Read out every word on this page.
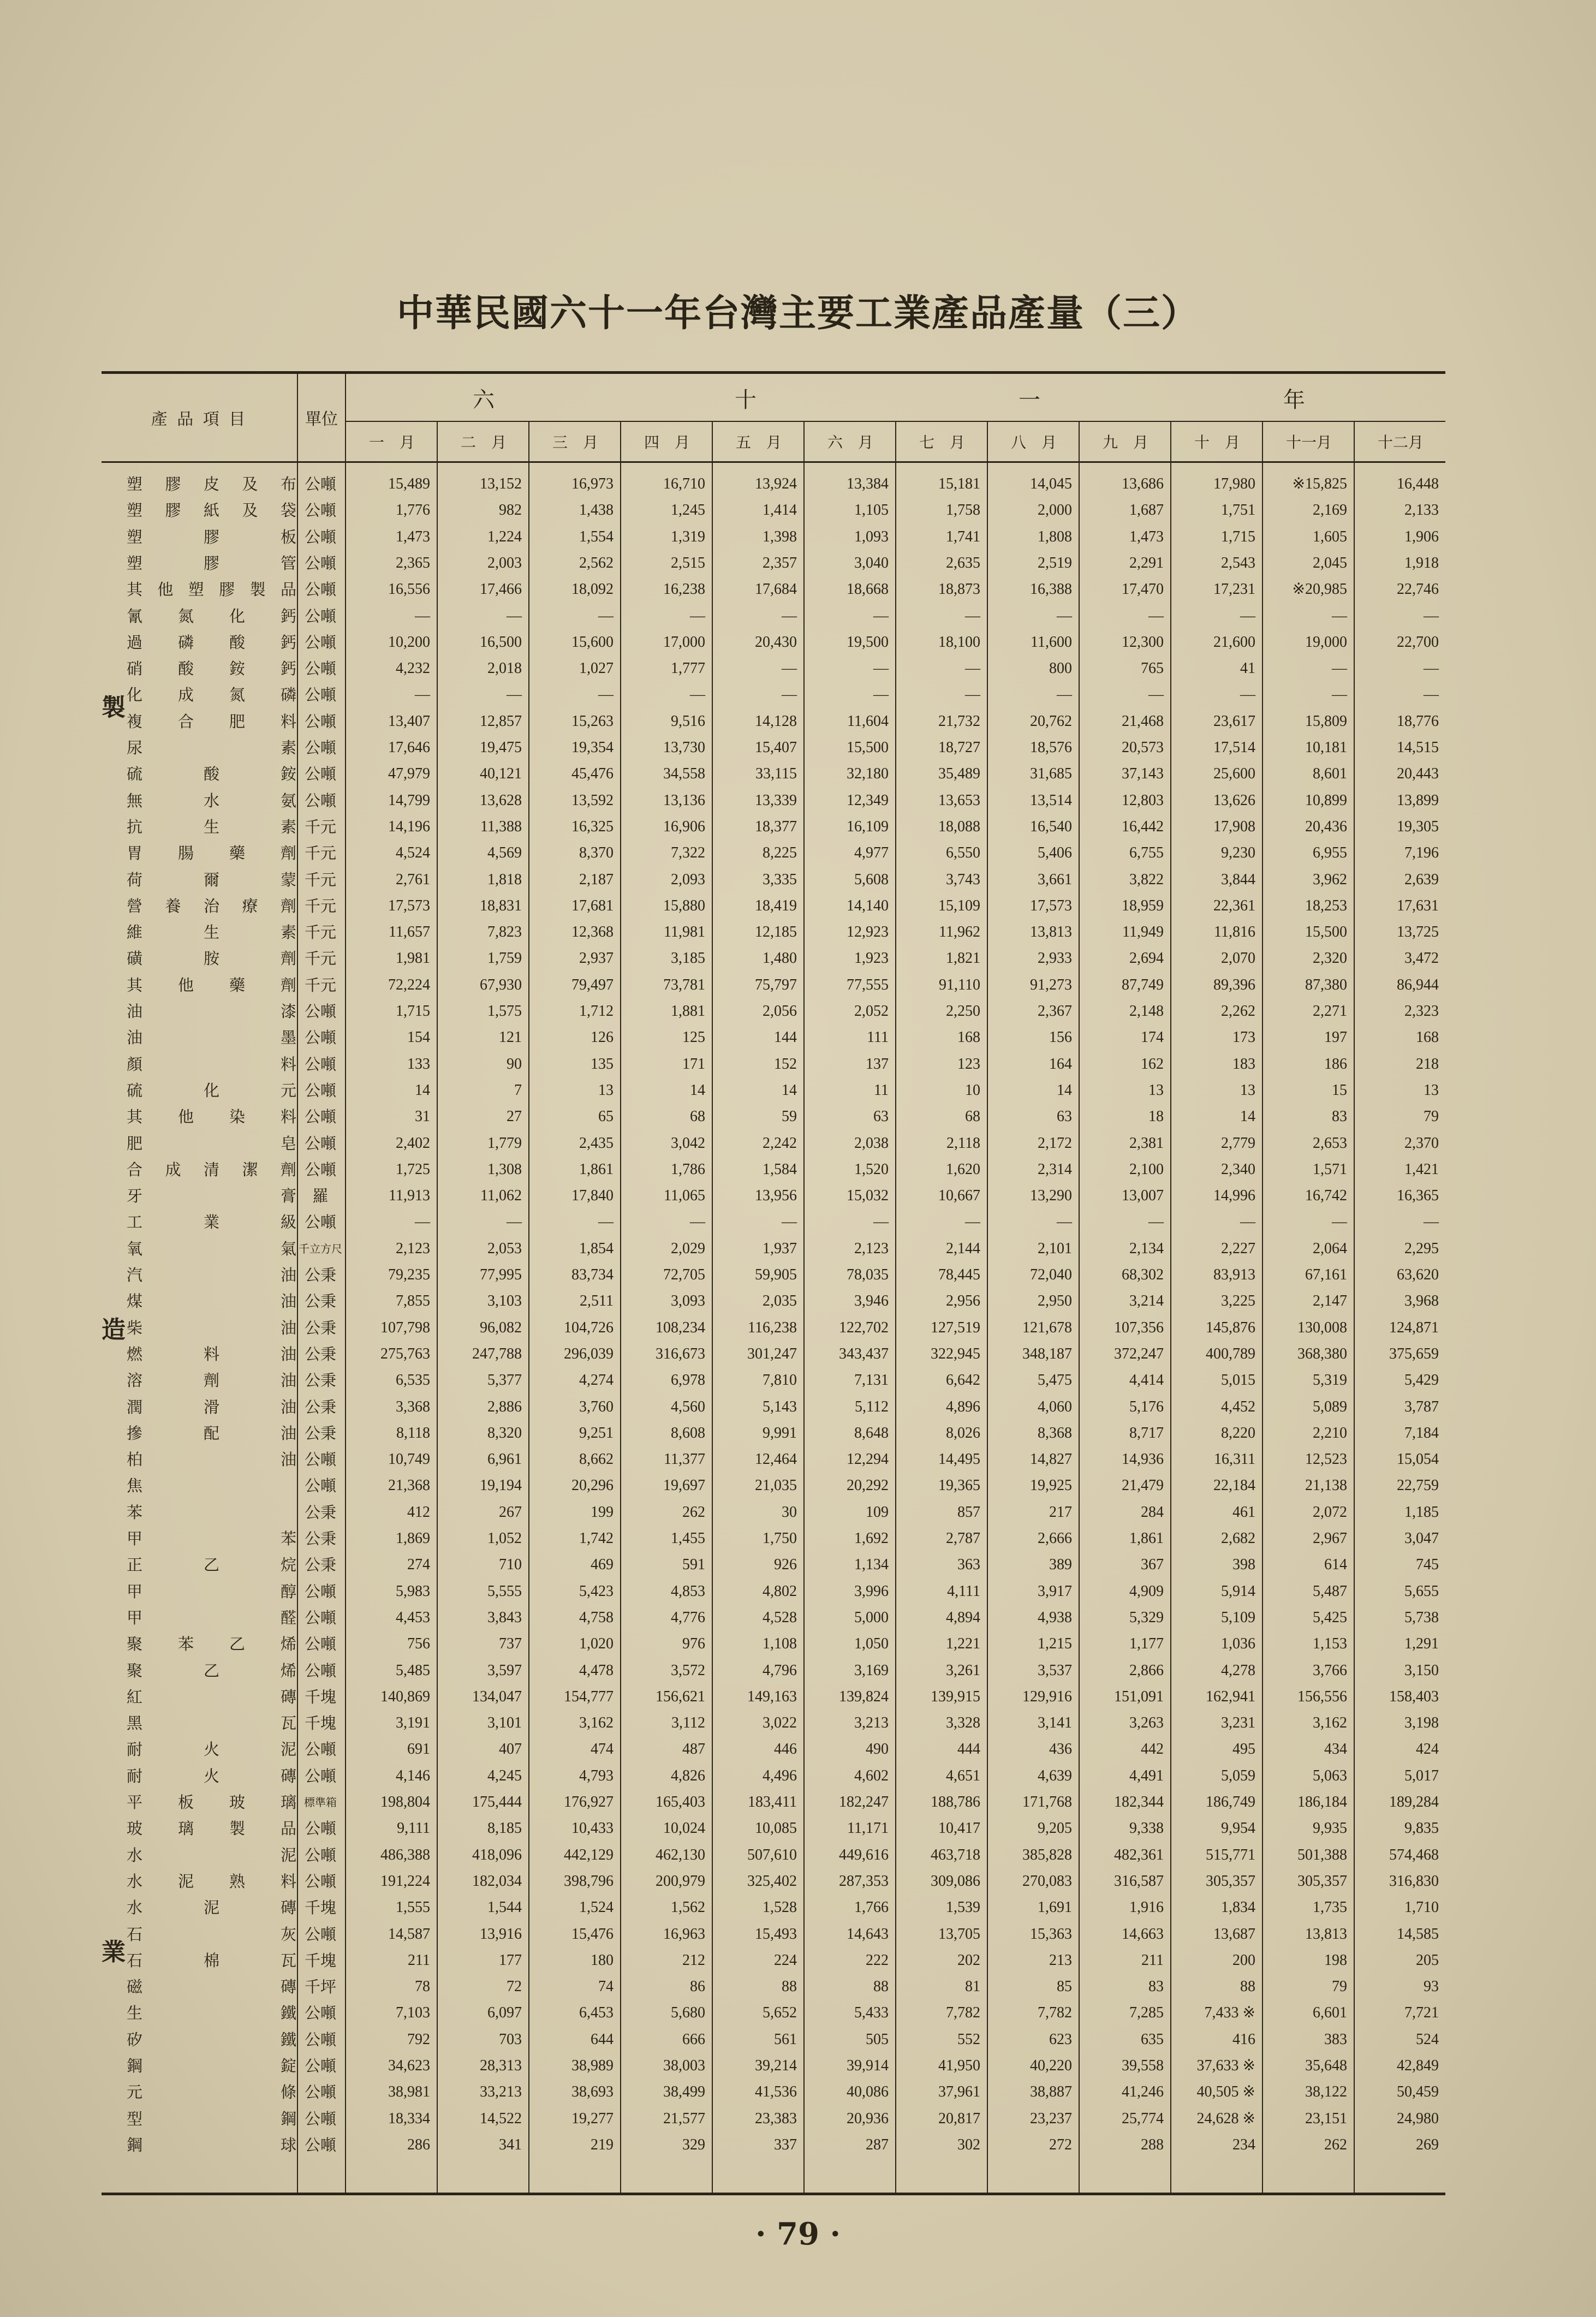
中華民國六十一年台灣主要工業產品產量（三）
六	十	一	年
產 品 項 目	單位
塑膠皮及布 公噸	15,489	13,152	16,973	16,710	13,924	13,384	15,181	14,045	13,686	17,980	※15,825	16,448
塑膠紙及袋 公噸	1,776	982	1,438	1,245	1,414	1,105	1,758	2,000	1,687	1,751	2,169	2,133
塑膠板 公噸	1,473	1,224	1,554	1,319	1,398	1,093	1,741	1,808	1,473	1,715	1,605	1,906
塑膠管 公噸	2,365	2,003	2,562	2,515	2,357	3,040	2,635	2,519	2,291	2,543	2,045	1,918
其他塑膠製品 公噸	16,556	17,466	18,092	16,238	17,684	18,668	18,873	16,388	17,470	17,231	※20,985	22,746
氰氮化鈣 公噸	—	—	—	—	—	—	—	—	—	—	—	—
過磷酸鈣 公噸	10,200	16,500	15,600	17,000	20,430	19,500	18,100	11,600	12,300	21,600	19,000	22,700
硝酸銨鈣 公噸	4,232	2,018	1,027	1,777	—	—	—	800	765	41	—	—
化成氮磷 公噸	—	—	—	—	—	—	—	—	—	—	—	—
複合肥料 公噸	13,407	12,857	15,263	9,516	14,128	11,604	21,732	20,762	21,468	23,617	15,809	18,776
尿素 公噸	17,646	19,475	19,354	13,730	15,407	15,500	18,727	18,576	20,573	17,514	10,181	14,515
硫酸銨 公噸	47,979	40,121	45,476	34,558	33,115	32,180	35,489	31,685	37,143	25,600	8,601	20,443
無水氨 公噸	14,799	13,628	13,592	13,136	13,339	12,349	13,653	13,514	12,803	13,626	10,899	13,899
抗生素 千元	14,196	11,388	16,325	16,906	18,377	16,109	18,088	16,540	16,442	17,908	20,436	19,305
胃腸藥劑 千元	4,524	4,569	8,370	7,322	8,225	4,977	6,550	5,406	6,755	9,230	6,955	7,196
荷爾蒙 千元	2,761	1,818	2,187	2,093	3,335	5,608	3,743	3,661	3,822	3,844	3,962	2,639
營養治療劑 千元	17,573	18,831	17,681	15,880	18,419	14,140	15,109	17,573	18,959	22,361	18,253	17,631
維生素 千元	11,657	7,823	12,368	11,981	12,185	12,923	11,962	13,813	11,949	11,816	15,500	13,725
磺胺劑 千元	1,981	1,759	2,937	3,185	1,480	1,923	1,821	2,933	2,694	2,070	2,320	3,472
其他藥劑 千元	72,224	67,930	79,497	73,781	75,797	77,555	91,110	91,273	87,749	89,396	87,380	86,944
油漆 公噸	1,715	1,575	1,712	1,881	2,056	2,052	2,250	2,367	2,148	2,262	2,271	2,323
油墨 公噸	154	121	126	125	144	111	168	156	174	173	197	168
顏料 公噸	133	90	135	171	152	137	123	164	162	183	186	218
硫化元 公噸	14	7	13	14	14	11	10	14	13	13	15	13
其他染料 公噸	31	27	65	68	59	63	68	63	18	14	83	79
肥皂 公噸	2,402	1,779	2,435	3,042	2,242	2,038	2,118	2,172	2,381	2,779	2,653	2,370
合成清潔劑 公噸	1,725	1,308	1,861	1,786	1,584	1,520	1,620	2,314	2,100	2,340	1,571	1,421
牙膏 羅	11,913	11,062	17,840	11,065	13,956	15,032	10,667	13,290	13,007	14,996	16,742	16,365
工業級 公噸	—	—	—	—	—	—	—	—	—	—	—	—
氧氣 千立方尺	2,123	2,053	1,854	2,029	1,937	2,123	2,144	2,101	2,134	2,227	2,064	2,295
汽油 公秉	79,235	77,995	83,734	72,705	59,905	78,035	78,445	72,040	68,302	83,913	67,161	63,620
煤油 公秉	7,855	3,103	2,511	3,093	2,035	3,946	2,956	2,950	3,214	3,225	2,147	3,968
柴油 公秉	107,798	96,082	104,726	108,234	116,238	122,702	127,519	121,678	107,356	145,876	130,008	124,871
燃料油 公秉	275,763	247,788	296,039	316,673	301,247	343,437	322,945	348,187	372,247	400,789	368,380	375,659
溶劑油 公秉	6,535	5,377	4,274	6,978	7,810	7,131	6,642	5,475	4,414	5,015	5,319	5,429
潤滑油 公秉	3,368	2,886	3,760	4,560	5,143	5,112	4,896	4,060	5,176	4,452	5,089	3,787
摻配油 公秉	8,118	8,320	9,251	8,608	9,991	8,648	8,026	8,368	8,717	8,220	2,210	7,184
柏油 公噸	10,749	6,961	8,662	11,377	12,464	12,294	14,495	14,827	14,936	16,311	12,523	15,054
焦	公噸	21,368	19,194	20,296	19,697	21,035	20,292	19,365	19,925	21,479	22,184	21,138	22,759
苯	公秉	412	267	199	262	30	109	857	217	284	461	2,072	1,185
甲苯 公秉	1,869	1,052	1,742	1,455	1,750	1,692	2,787	2,666	1,861	2,682	2,967	3,047
正乙烷 公秉	274	710	469	591	926	1,134	363	389	367	398	614	745
甲醇 公噸	5,983	5,555	5,423	4,853	4,802	3,996	4,111	3,917	4,909	5,914	5,487	5,655
甲醛 公噸	4,453	3,843	4,758	4,776	4,528	5,000	4,894	4,938	5,329	5,109	5,425	5,738
聚苯乙烯 公噸	756	737	1,020	976	1,108	1,050	1,221	1,215	1,177	1,036	1,153	1,291
聚乙烯 公噸	5,485	3,597	4,478	3,572	4,796	3,169	3,261	3,537	2,866	4,278	3,766	3,150
紅磚 千塊	140,869	134,047	154,777	156,621	149,163	139,824	139,915	129,916	151,091	162,941	156,556	158,403
黑瓦 千塊	3,191	3,101	3,162	3,112	3,022	3,213	3,328	3,141	3,263	3,231	3,162	3,198
耐火泥 公噸	691	407	474	487	446	490	444	436	442	495	434	424
耐火磚 公噸	4,146	4,245	4,793	4,826	4,496	4,602	4,651	4,639	4,491	5,059	5,063	5,017
平板玻璃 標準箱	198,804	175,444	176,927	165,403	183,411	182,247	188,786	171,768	182,344	186,749	186,184	189,284
玻璃製品 公噸	9,111	8,185	10,433	10,024	10,085	11,171	10,417	9,205	9,338	9,954	9,935	9,835
水泥 公噸	486,388	418,096	442,129	462,130	507,610	449,616	463,718	385,828	482,361	515,771	501,388	574,468
水泥熟料 公噸	191,224	182,034	398,796	200,979	325,402	287,353	309,086	270,083	316,587	305,357	305,357	316,830
水泥磚 千塊	1,555	1,544	1,524	1,562	1,528	1,766	1,539	1,691	1,916	1,834	1,735	1,710
石灰 公噸	14,587	13,916	15,476	16,963	15,493	14,643	13,705	15,363	14,663	13,687	13,813	14,585
石棉瓦 千塊	211	177	180	212	224	222	202	213	211	200	198	205
磁磚 千坪	78	72	74	86	88	88	81	85	83	88	79	93
生鐵 公噸	7,103	6,097	6,453	5,680	5,652	5,433	7,782	7,782	7,285	7,433 ※	6,601	7,721
矽鐵 公噸	792	703	644	666	561	505	552	623	635	416	383	524
鋼錠 公噸	34,623	28,313	38,989	38,003	39,214	39,914	41,950	40,220	39,558	37,633 ※	35,648	42,849
元條 公噸	38,981	33,213	38,693	38,499	41,536	40,086	37,961	38,887	41,246	40,505 ※	38,122	50,459
型鋼 公噸	18,334	14,522	19,277	21,577	23,383	20,936	20,817	23,237	25,774	24,628 ※	23,151	24,980
鋼球 公噸	286	341	219	329	337	287	302	272	288	234	262	269
一　月	二　月	三　月	四　月	五　月	六　月	七　月	八　月	九　月	十　月	十一月	十二月
製
造
業
· 79 ·
